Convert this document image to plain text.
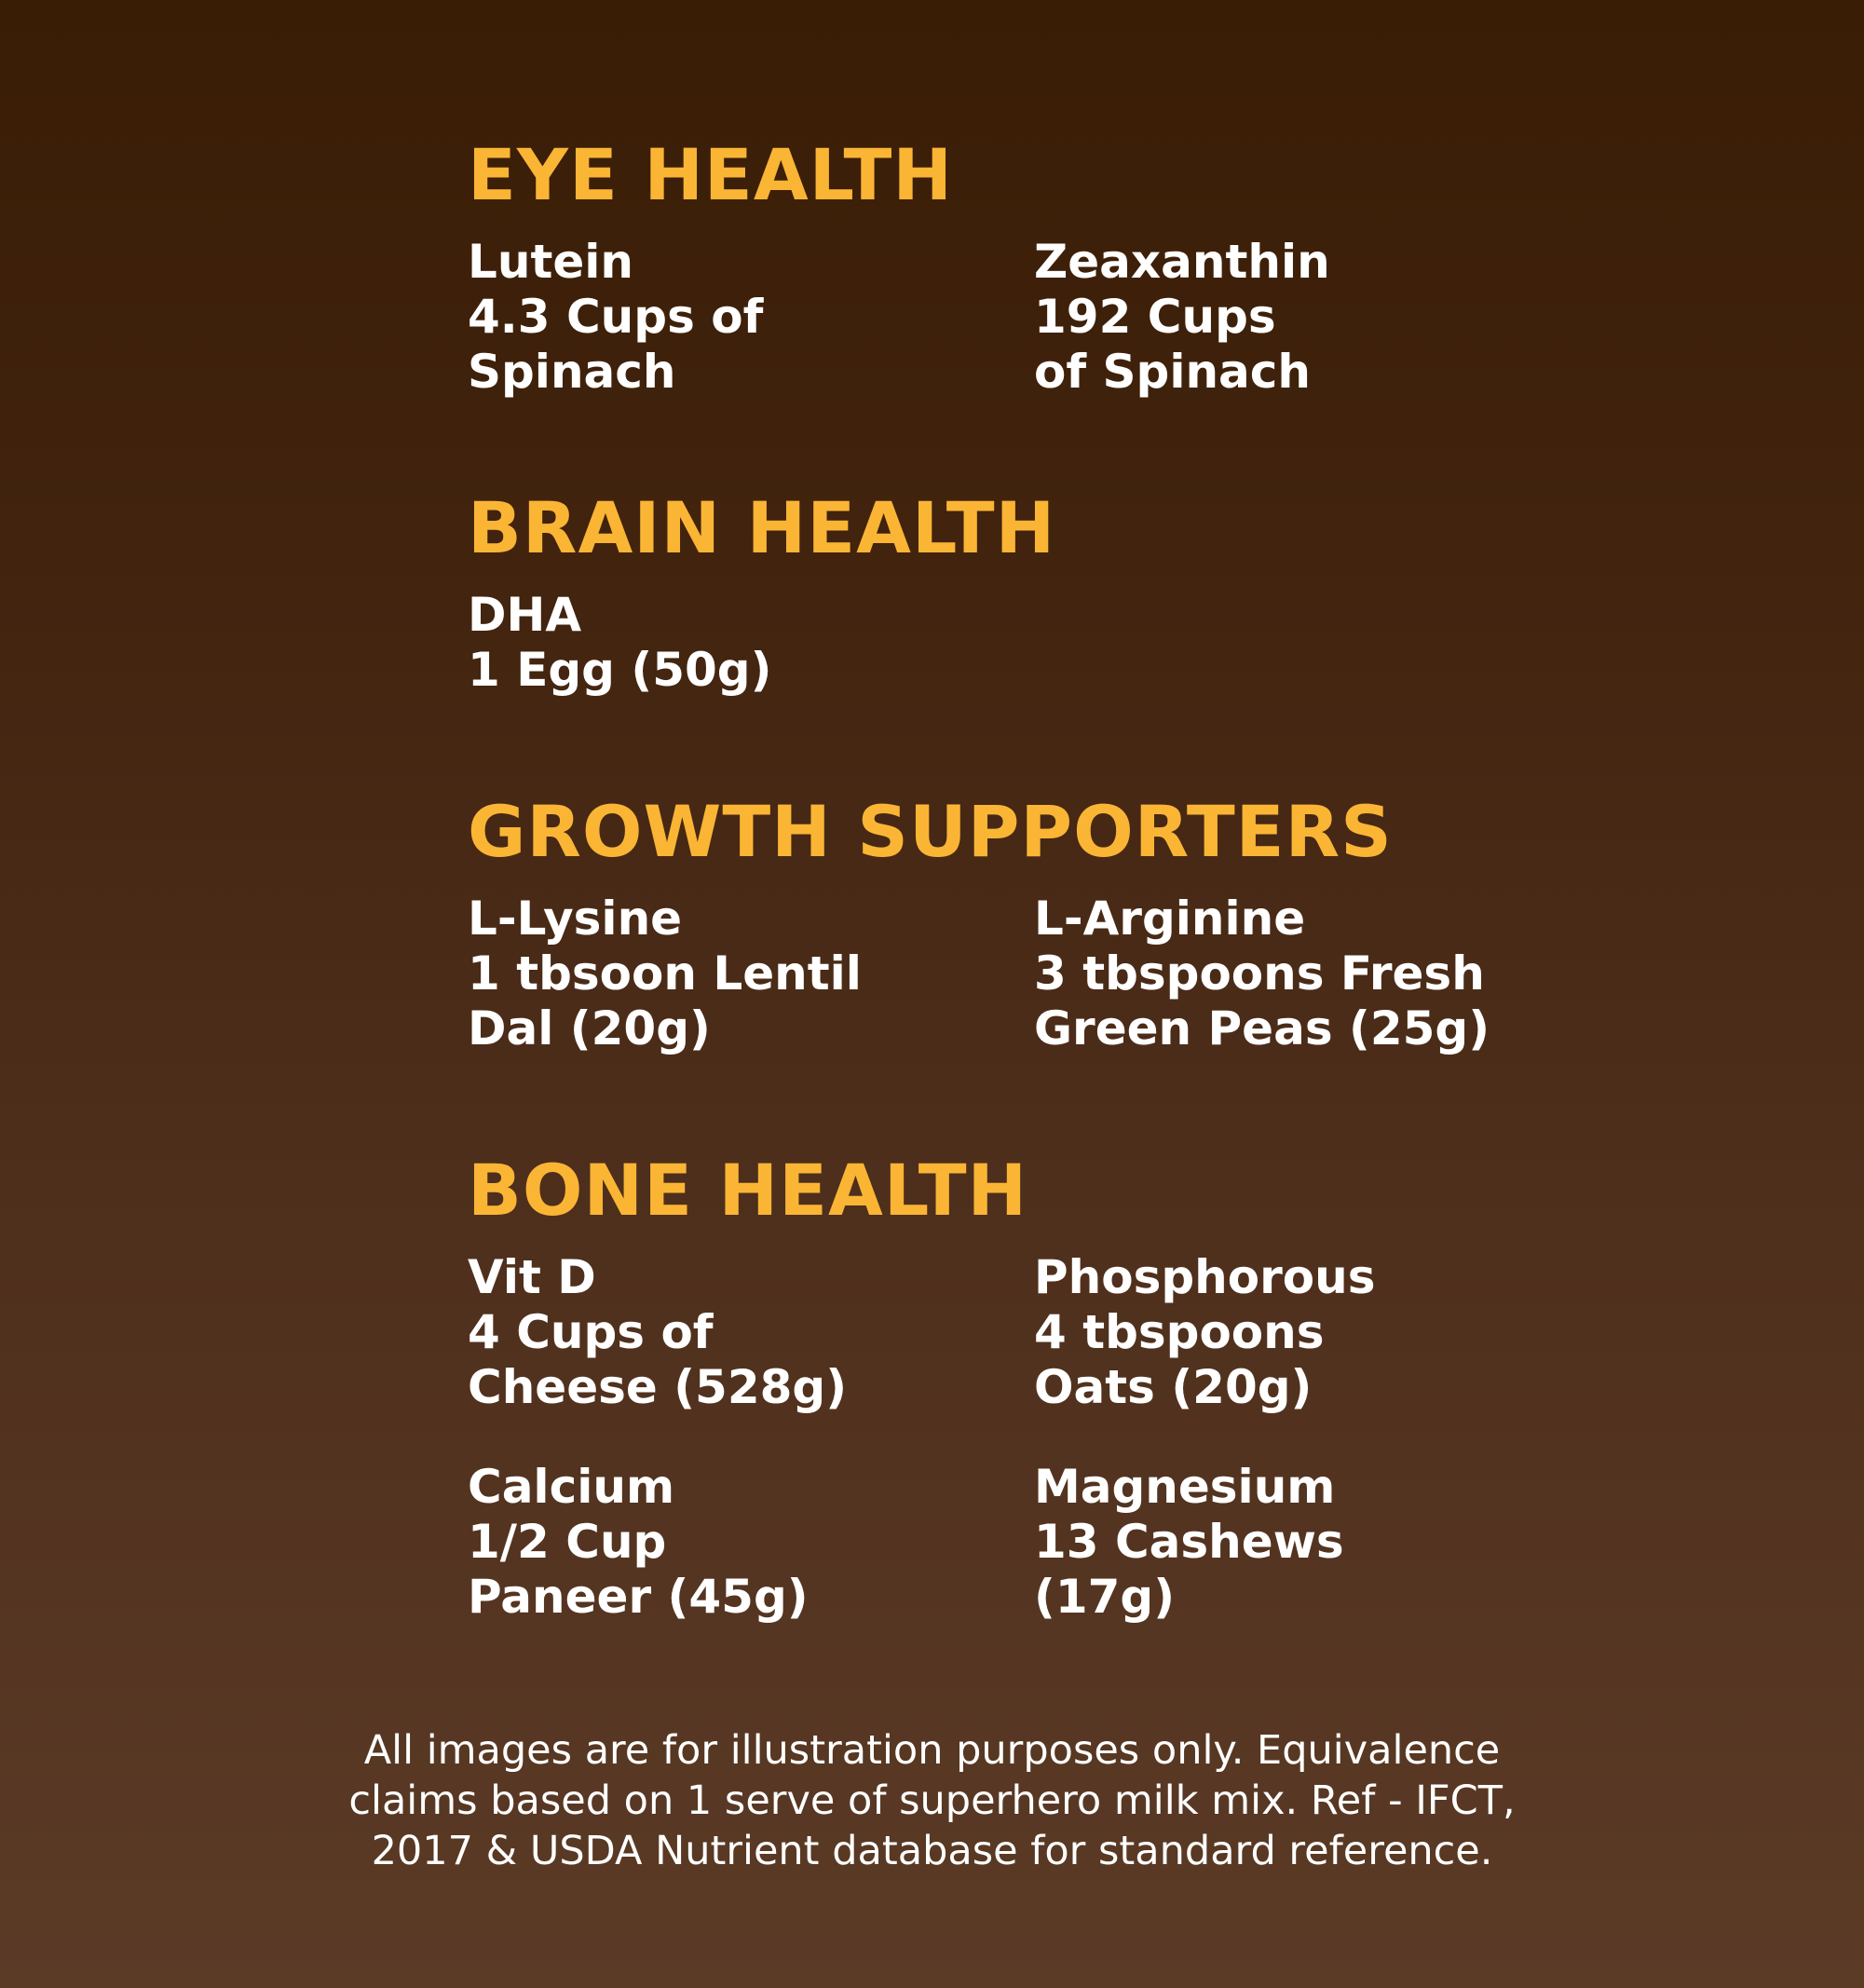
EYE HEALTH
Lutein
4.3 Cups of
Spinach
Zeaxanthin
192 Cups
of Spinach
BRAIN HEALTH
DHA
1 Egg (50g)
GROWTH SUPPORTERS
L-Lysine
1 tbsoon Lentil
Dal (20g)
L-Arginine
3 tbspoons Fresh
Green Peas (25g)
BONE HEALTH
Vit D
4 Cups of
Cheese (528g)
Phosphorous
4 tbspoons
Oats (20g)
Calcium
1/2 Cup
Paneer (45g)
Magnesium
13 Cashews
(17g)
All images are for illustration purposes only. Equivalence
claims based on 1 serve of superhero milk mix. Ref - IFCT,
2017 & USDA Nutrient database for standard reference.
